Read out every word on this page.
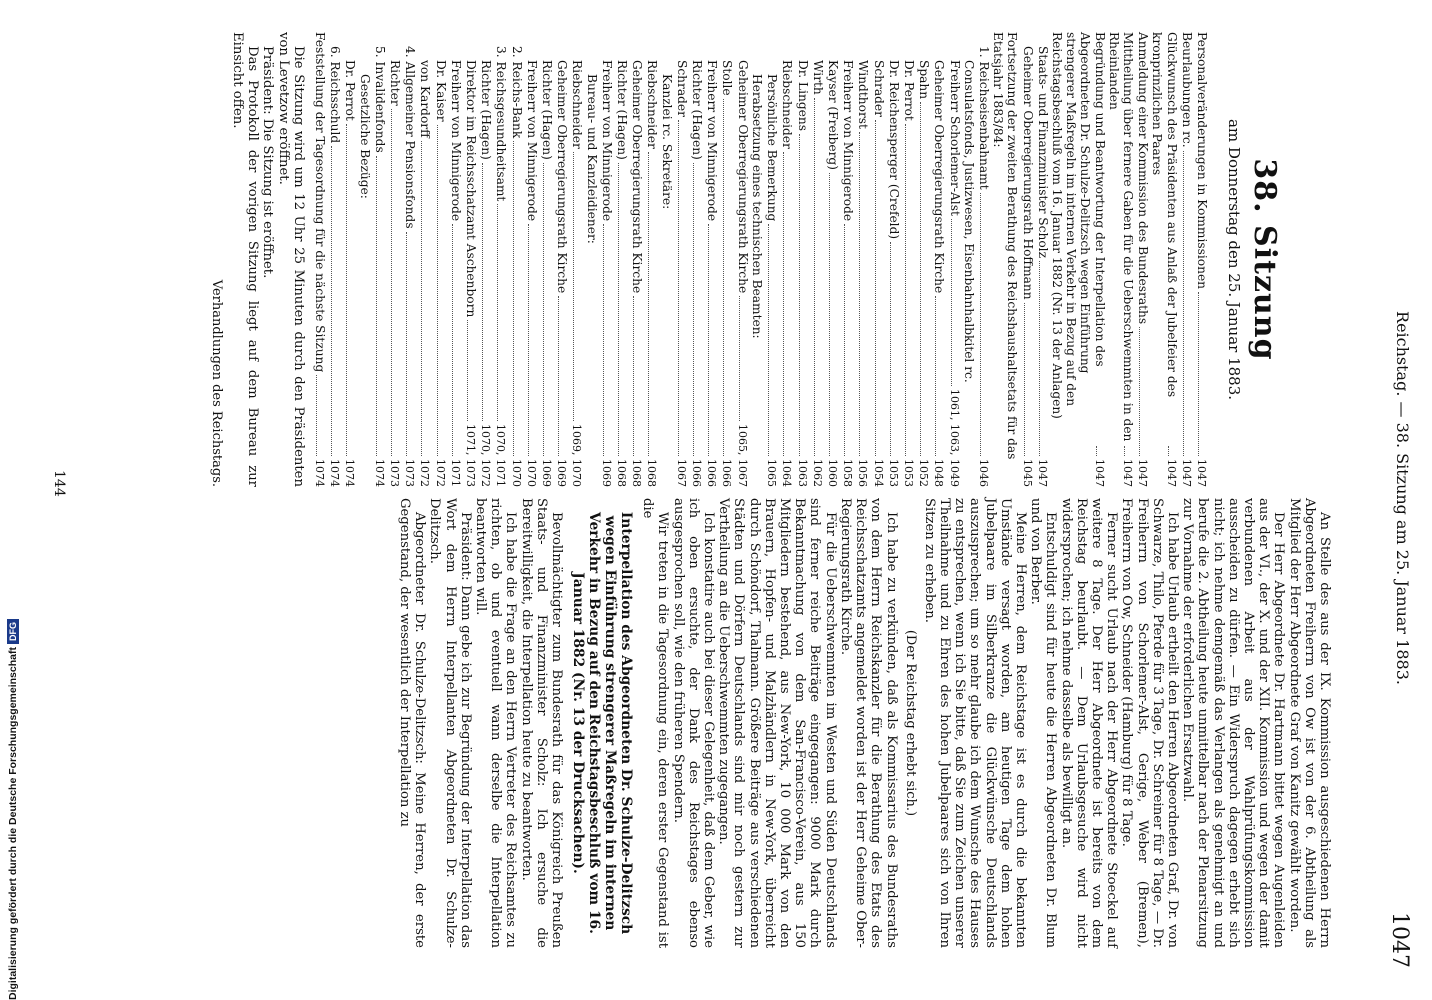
Reichstag. — 38. Sitzung am 25. Januar 1883.
1047
38. Sitzung
am Donnerstag den 25. Januar 1883.
Personalveränderungen in Kommissionen
1047
Beurlaubungen rc.
1047
Glückwunsch des Präsidenten aus Anlaß der Jubelfeier des kronprinzlichen Paares
1047
Anmeldung einer Kommission des Bundesraths
1047
Mittheilung über fernere Gaben für die Ueberschwemmten in den Rheinlanden
1047
Begründung und Beantwortung der Interpellation des Abgeordneten Dr. Schulze-Delitzsch wegen Einführung strengerer Maßregeln im internen Verkehr in Bezug auf den Reichstagsbeschluß vom 16. Januar 1882 (Nr. 13 der Anlagen)
1047
Staats- und Finanzminister Scholz
1047
Geheimer Oberregierungsrath Hoffmann
1045
Fortsetzung der zweiten Berathung des Reichshaushaltsetats für das Etatsjahr 1883/84:
1. Reichseisenbahnamt
1046
Consulatsfonds, Justizwesen, Eisenbahnhalbkitel rc.
Freiherr Schorlemer-Alst
1061, 1063, 1049
Geheimer Oberregierungsrath Kirche
1048
Spahn
1052
Dr. Perrot
1053
Dr. Reichensperger (Crefeld)
1053
Schrader
1054
Windthorst
1056
Freiherr von Minnigerode
1058
Kayser (Freiberg)
1060
Wirth
1062
Dr. Lingens
1063
Riebschneider
1064
Persönliche Bemerkung
1065
Herabsetzung eines technischen Beamten:
Geheimer Oberregierungsrath Kirche
1065, 1067
Stolle
1066
Freiherr von Minnigerode
1066
Richter (Hagen)
1066
Schrader
1067
Kanzlei rc. Sekretäre:
Riebschneider
1068
Geheimer Oberregierungsrath Kirche
1068
Richter (Hagen)
1068
Freiherr von Minnigerode
1069
Bureau- und Kanzleidiener:
Riebschneider
1069, 1070
Geheimer Oberregierungsrath Kirche
1069
Richter (Hagen)
1069
Freiherr von Minnigerode
1070
2. Reichs-Bank
1070
3. Reichsgesundheitsamt
1070, 1071
Richter (Hagen)
1070, 1072
Direktor im Reichsschatzamt Aschenborn
1071, 1073
Freiherr von Minnigerode
1071
Dr. Kaiser
1072
von Kardorff
1072
4. Allgemeiner Pensionsfonds
1073
Richter
1073
5. Invalidenfonds
1074
Gesetzliche Bezüge:
Dr. Perrot
1074
6. Reichsschuld
1074
Feststellung der Tagesordnung für die nächste Sitzung
1074

Die Sitzung wird um 12 Uhr 25 Minuten durch den Präsidenten von Levetzow eröffnet.

Präsident: Die Sitzung ist eröffnet.

Das Protokoll der vorigen Sitzung liegt auf dem Bureau zur Einsicht offen.

Verhandlungen des Reichstags.

An Stelle des aus der IX. Kommission ausgeschiedenen Herrn Abgeordneten Freiherrn von Ow ist von der 6. Abtheilung als Mitglied der Herr Abgeordnete Graf von Kanitz gewählt worden.

Der Herr Abgeordnete Dr. Hartmann bittet wegen Augenleiden aus der VI., der X. und der XII. Kommission und wegen der damit verbundenen Arbeit aus der Wahlprüfungskommission ausscheiden zu dürfen. — Ein Widerspruch dagegen erhebt sich nicht; ich nehme demgemäß das Verlangen als genehmigt an und berufe die 2. Abtheilung heute unmittelbar nach der Plenarsitzung zur Vornahme der erforderlichen Ersatzwahl.

Ich habe Urlaub ertheilt den Herren Abgeordneten Graf, Dr. von Schwarze, Thilo, Pferde für 3 Tage, Dr. Schreiner für 8 Tage, — Dr. Freiherrn von Schorlemer-Alst, Gerige, Weber (Bremen), Freiherrn von Ow, Schneider (Hamburg) für 8 Tage.

Ferner sucht Urlaub nach der Herr Abgeordnete Stoeckel auf weitere 8 Tage. Der Herr Abgeordnete ist bereits von dem Reichstag beurlaubt. — Dem Urlaubsgesuche wird nicht widersprochen; ich nehme dasselbe als bewilligt an.

Entschuldigt sind für heute die Herren Abgeordneten Dr. Blum und von Berber.

Meine Herren, dem Reichstage ist es durch die bekannten Umstände versagt worden, am heutigen Tage dem hohen Jubelpaare im Silberkranze die Glückwünsche Deutschlands auszusprechen; um so mehr glaube ich dem Wunsche des Hauses zu entsprechen, wenn ich Sie bitte, daß Sie zum Zeichen unserer Theilnahme und zu Ehren des hohen Jubelpaares sich von Ihren Sitzen zu erheben.

(Der Reichstag erhebt sich.)

Ich habe zu verkünden, daß als Kommissarius des Bundesraths von dem Herrn Reichskanzler für die Berathung des Etats des Reichsschatzamts angemeldet worden ist der Herr Geheime Ober-Regierungsrath Kirche.

Für die Ueberschwemmten im Westen und Süden Deutschlands sind ferner reiche Beiträge eingegangen: 9000 Mark durch Bekanntmachung von dem San-Francisco-Verein, aus 150 Mitgliedern bestehend, aus New-York, 10 000 Mark von den Brauern, Hopfen- und Malzhändlern in New-York, überreicht durch Schöndorf, Thalmann. Größere Beiträge aus verschiedenen Städten und Dörfern Deutschlands sind mir noch gestern zur Vertheilung an die Ueberschwemmten zugegangen.

Ich konstatire auch bei dieser Gelegenheit, daß dem Geber, wie ich oben ersuchte, der Dank des Reichstages ebenso ausgesprochen soll, wie den früheren Spendern.

Wir treten in die Tagesordnung ein, deren erster Gegenstand ist die

Interpellation des Abgeordneten Dr. Schulze-Delitzsch wegen Einführung strengerer Maßregeln im internen Verkehr in Bezug auf den Reichstagsbeschluß vom 16. Januar 1882 (Nr. 13 der Drucksachen).

Bevollmächtigter zum Bundesrath für das Königreich Preußen Staats- und Finanzminister Scholz: Ich ersuche die Bereitwilligkeit, die Interpellation heute zu beantworten.

Ich habe die Frage an den Herrn Vertreter des Reichsamtes zu richten, ob und eventuell wann derselbe die Interpellation beantworten will.

Präsident: Dann gebe ich zur Begründung der Interpellation das Wort dem Herrn Interpellanten Abgeordneten Dr. Schulze-Delitzsch.

Abgeordneter Dr. Schulze-Delitzsch: Meine Herren, der erste Gegenstand, der wesentlich der Interpellation zu

144
Digitalisierung gefördert durch die Deutsche ForschungsgemeinschaftDFG
